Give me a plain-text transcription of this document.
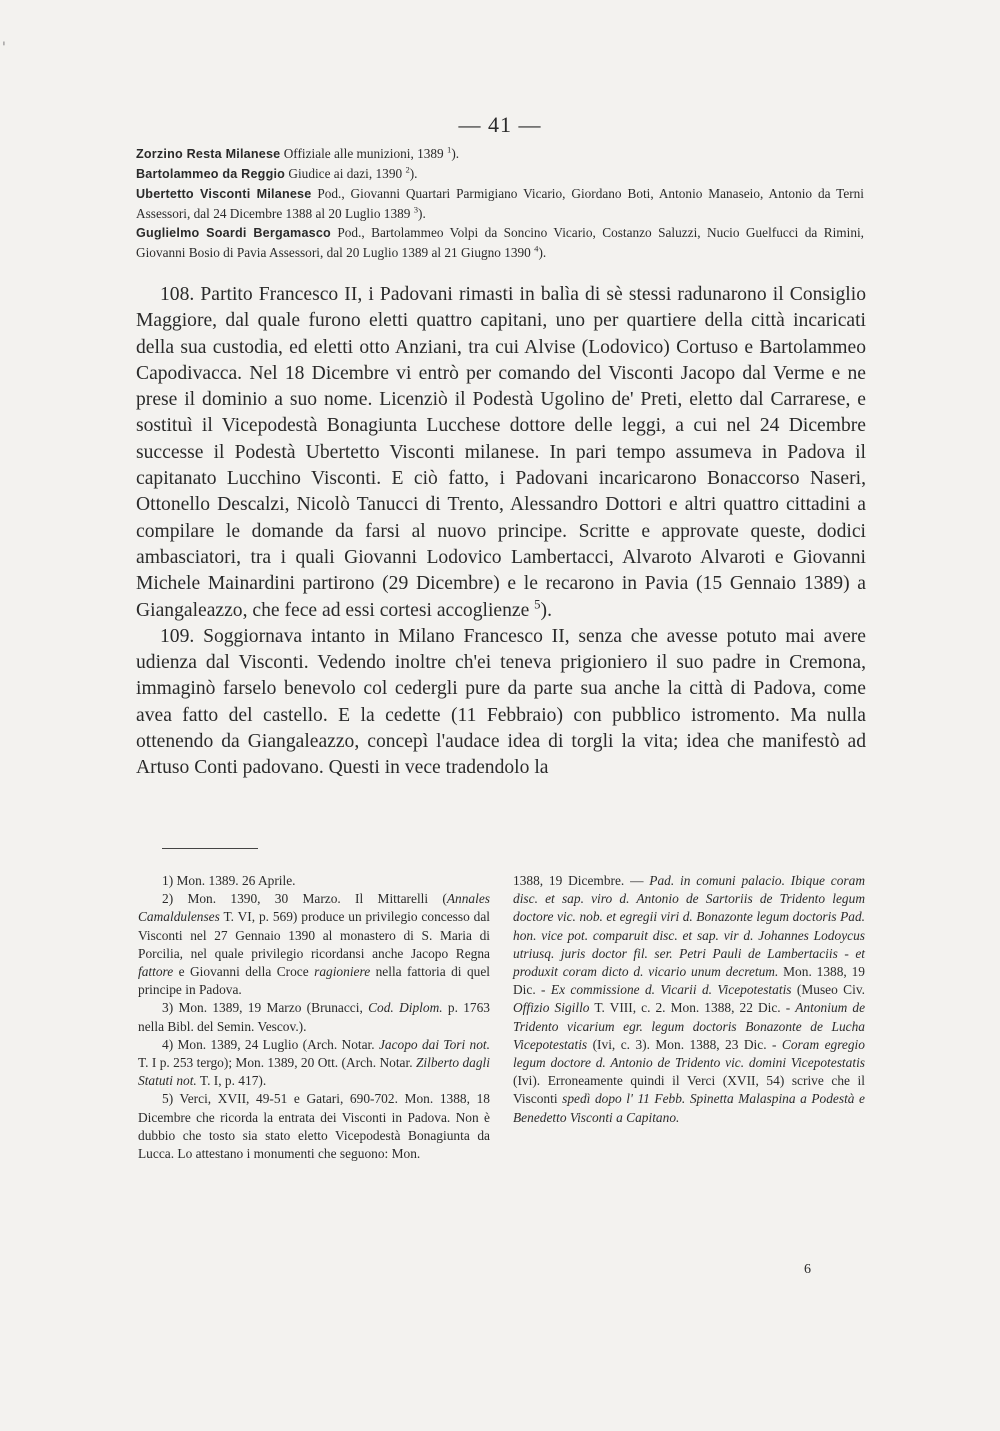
'
— 41 —

Zorzino Resta Milanese Offiziale alle munizioni, 1389 $^1$).

Bartolammeo da Reggio Giudice ai dazi, 1390 $^2$).

Ubertetto Visconti Milanese Pod., Giovanni Quartari Parmigiano Vicario, Giordano Boti, Antonio Manaseio, Antonio da Terni Assessori, dal 24 Dicembre 1388 al 20 Luglio 1389 $^3$).

Guglielmo Soardi Bergamasco Pod., Bartolammeo Volpi da Soncino Vicario, Costanzo Saluzzi, Nucio Guelfucci da Rimini, Giovanni Bosio di Pavia Assessori, dal 20 Luglio 1389 al 21 Giugno 1390 $^4$).

108. Partito Francesco II, i Padovani rimasti in balìa di sè stessi radunarono il Consiglio Maggiore, dal quale furono eletti quattro capitani, uno per quartiere della città incaricati della sua custodia, ed eletti otto Anziani, tra cui Alvise (Lodovico) Cortuso e Bartolammeo Capodivacca. Nel 18 Dicembre vi entrò per comando del Visconti Jacopo dal Verme e ne prese il dominio a suo nome. Licenziò il Podestà Ugolino de' Preti, eletto dal Carrarese, e sostituì il Vicepodestà Bonagiunta Lucchese dottore delle leggi, a cui nel 24 Dicembre successe il Podestà Ubertetto Visconti milanese. In pari tempo assumeva in Padova il capitanato Lucchino Visconti. E ciò fatto, i Padovani incaricarono Bonaccorso Naseri, Ottonello Descalzi, Nicolò Tanucci di Trento, Alessandro Dottori e altri quattro cittadini a compilare le domande da farsi al nuovo principe. Scritte e approvate queste, dodici ambasciatori, tra i quali Giovanni Lodovico Lambertacci, Alvaroto Alvaroti e Giovanni Michele Mainardini partirono (29 Dicembre) e le recarono in Pavia (15 Gennaio 1389) a Giangaleazzo, che fece ad essi cortesi accoglienze $^5$).

109. Soggiornava intanto in Milano Francesco II, senza che avesse potuto mai avere udienza dal Visconti. Vedendo inoltre ch'ei teneva prigioniero il suo padre in Cremona, immaginò farselo benevolo col cedergli pure da parte sua anche la città di Padova, come avea fatto del castello. E la cedette (11 Febbraio) con pubblico istromento. Ma nulla ottenendo da Giangaleazzo, concepì l'audace idea di torgli la vita; idea che manifestò ad Artuso Conti padovano. Questi in vece tradendolo la

1) Mon. 1389. 26 Aprile.

2) Mon. 1390, 30 Marzo. Il Mittarelli (Annales Camaldulenses T. VI, p. 569) produce un privilegio concesso dal Visconti nel 27 Gennaio 1390 al monastero di S. Maria di Porcilia, nel quale privilegio ricordansi anche Jacopo Regna fattore e Giovanni della Croce ragioniere nella fattoria di quel principe in Padova.

3) Mon. 1389, 19 Marzo (Brunacci, Cod. Diplom. p. 1763 nella Bibl. del Semin. Vescov.).

4) Mon. 1389, 24 Luglio (Arch. Notar. Jacopo dai Tori not. T. I p. 253 tergo); Mon. 1389, 20 Ott. (Arch. Notar. Zilberto dagli Statuti not. T. I, p. 417).

5) Verci, XVII, 49-51 e Gatari, 690-702. Mon. 1388, 18 Dicembre che ricorda la entrata dei Visconti in Padova. Non è dubbio che tosto sia stato eletto Vicepodestà Bonagiunta da Lucca. Lo attestano i monumenti che seguono: Mon.

1388, 19 Dicembre. — Pad. in comuni palacio. Ibique coram disc. et sap. viro d. Antonio de Sartoriis de Tridento legum doctore vic. nob. et egregii viri d. Bonazonte legum doctoris Pad. hon. vice pot. comparuit disc. et sap. vir d. Johannes Lodoycus utriusq. juris doctor fil. ser. Petri Pauli de Lambertaciis - et produxit coram dicto d. vicario unum decretum. Mon. 1388, 19 Dic. - Ex commissione d. Vicarii d. Vicepotestatis (Museo Civ. Offizio Sigillo T. VIII, c. 2. Mon. 1388, 22 Dic. - Antonium de Tridento vicarium egr. legum doctoris Bonazonte de Lucha Vicepotestatis (Ivi, c. 3). Mon. 1388, 23 Dic. - Coram egregio legum doctore d. Antonio de Tridento vic. domini Vicepotestatis (Ivi). Erroneamente quindi il Verci (XVII, 54) scrive che il Visconti spedì dopo l' 11 Febb. Spinetta Malaspina a Podestà e Benedetto Visconti a Capitano.

6
